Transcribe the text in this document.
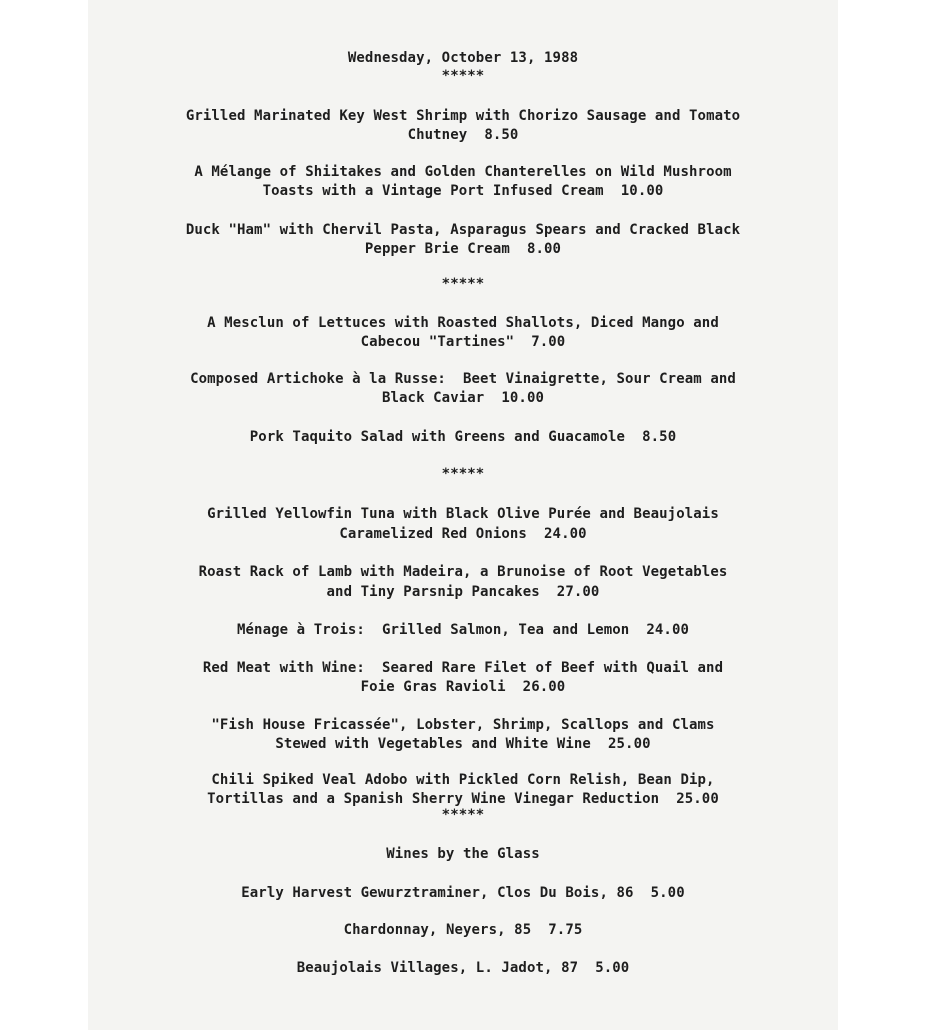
Wednesday, October 13, 1988
*****
Grilled Marinated Key West Shrimp with Chorizo Sausage and Tomato
Chutney  8.50
A Mélange of Shiitakes and Golden Chanterelles on Wild Mushroom
Toasts with a Vintage Port Infused Cream  10.00
Duck "Ham" with Chervil Pasta, Asparagus Spears and Cracked Black
Pepper Brie Cream  8.00
*****
A Mesclun of Lettuces with Roasted Shallots, Diced Mango and
Cabecou "Tartines"  7.00
Composed Artichoke à la Russe:  Beet Vinaigrette, Sour Cream and
Black Caviar  10.00
Pork Taquito Salad with Greens and Guacamole  8.50
*****
Grilled Yellowfin Tuna with Black Olive Purée and Beaujolais
Caramelized Red Onions  24.00
Roast Rack of Lamb with Madeira, a Brunoise of Root Vegetables
and Tiny Parsnip Pancakes  27.00
Ménage à Trois:  Grilled Salmon, Tea and Lemon  24.00
Red Meat with Wine:  Seared Rare Filet of Beef with Quail and
Foie Gras Ravioli  26.00
"Fish House Fricassée", Lobster, Shrimp, Scallops and Clams
Stewed with Vegetables and White Wine  25.00
Chili Spiked Veal Adobo with Pickled Corn Relish, Bean Dip,
Tortillas and a Spanish Sherry Wine Vinegar Reduction  25.00
*****
Wines by the Glass
Early Harvest Gewurztraminer, Clos Du Bois, 86  5.00
Chardonnay, Neyers, 85  7.75
Beaujolais Villages, L. Jadot, 87  5.00
